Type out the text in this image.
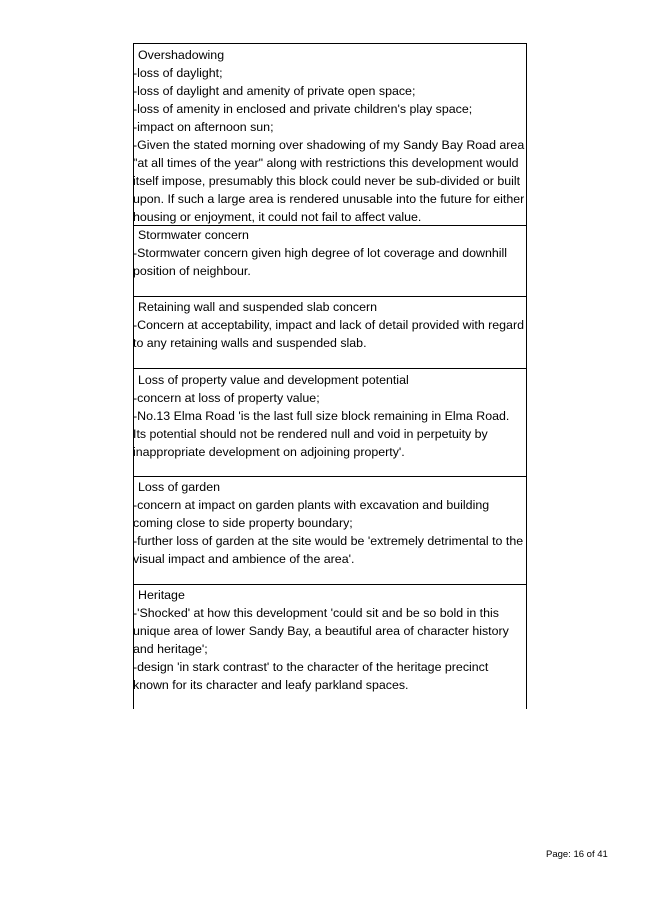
Overshadowing

-loss of daylight;

-loss of daylight and amenity of private open space;

-loss of amenity in enclosed and private children's play space;

-impact on afternoon sun;

-Given the stated morning over shadowing of my Sandy Bay Road area "at all times of the year" along with restrictions this development would itself impose, presumably this block could never be sub-divided or built upon. If such a large area is rendered unusable into the future for either housing or enjoyment, it could not fail to affect value.

Stormwater concern

-Stormwater concern given high degree of lot coverage and downhill position of neighbour.

Retaining wall and suspended slab concern

-Concern at acceptability, impact and lack of detail provided with regard to any retaining walls and suspended slab.

Loss of property value and development potential

-concern at loss of property value;

-No.13 Elma Road 'is the last full size block remaining in Elma Road. Its potential should not be rendered null and void in perpetuity by inappropriate development on adjoining property'.

Loss of garden

-concern at impact on garden plants with excavation and building coming close to side property boundary;

-further loss of garden at the site would be 'extremely detrimental to the visual impact and ambience of the area'.

Heritage

-'Shocked' at how this development 'could sit and be so bold in this unique area of lower Sandy Bay, a beautiful area of character history and heritage';

-design 'in stark contrast' to the character of the heritage precinct known for its character and leafy parkland spaces.

Page: 16 of 41
